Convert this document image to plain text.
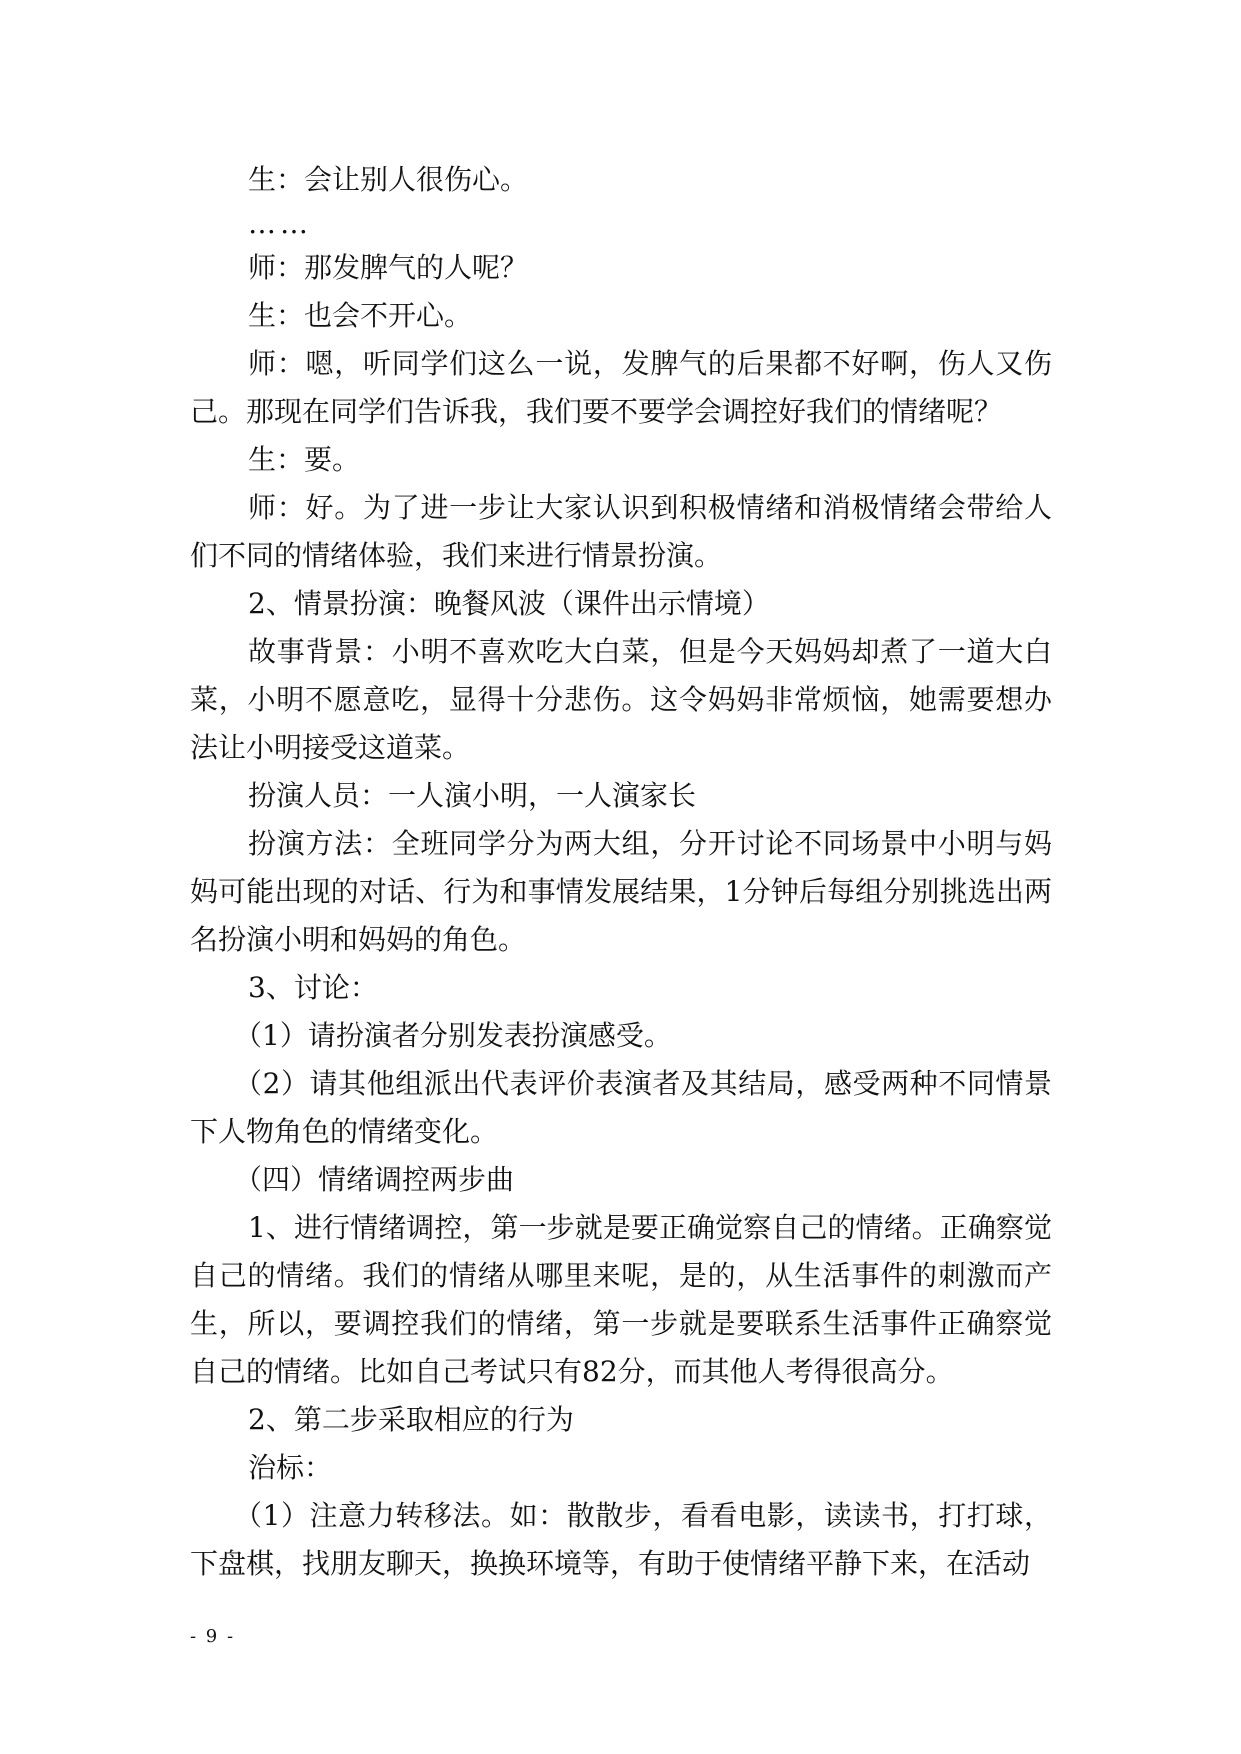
生：会让别人很伤心。

……

师：那发脾气的人呢？

生：也会不开心。

师：嗯，听同学们这么一说，发脾气的后果都不好啊，伤人又伤己。那现在同学们告诉我，我们要不要学会调控好我们的情绪呢？

生：要。

师：好。为了进一步让大家认识到积极情绪和消极情绪会带给人们不同的情绪体验，我们来进行情景扮演。

2、情景扮演：晚餐风波（课件出示情境）

故事背景：小明不喜欢吃大白菜，但是今天妈妈却煮了一道大白菜，小明不愿意吃，显得十分悲伤。这令妈妈非常烦恼，她需要想办法让小明接受这道菜。

扮演人员：一人演小明，一人演家长

扮演方法：全班同学分为两大组，分开讨论不同场景中小明与妈妈可能出现的对话、行为和事情发展结果，1分钟后每组分别挑选出两名扮演小明和妈妈的角色。

3、讨论：

（1）请扮演者分别发表扮演感受。

（2）请其他组派出代表评价表演者及其结局，感受两种不同情景下人物角色的情绪变化。

（四）情绪调控两步曲

1、进行情绪调控，第一步就是要正确觉察自己的情绪。正确察觉自己的情绪。我们的情绪从哪里来呢，是的，从生活事件的刺激而产生，所以，要调控我们的情绪，第一步就是要联系生活事件正确察觉自己的情绪。比如自己考试只有82分，而其他人考得很高分。

2、第二步采取相应的行为

治标：

（1）注意力转移法。如：散散步，看看电影，读读书，打打球，下盘棋，找朋友聊天，换换环境等，有助于使情绪平静下来，在活动

- 9 -
